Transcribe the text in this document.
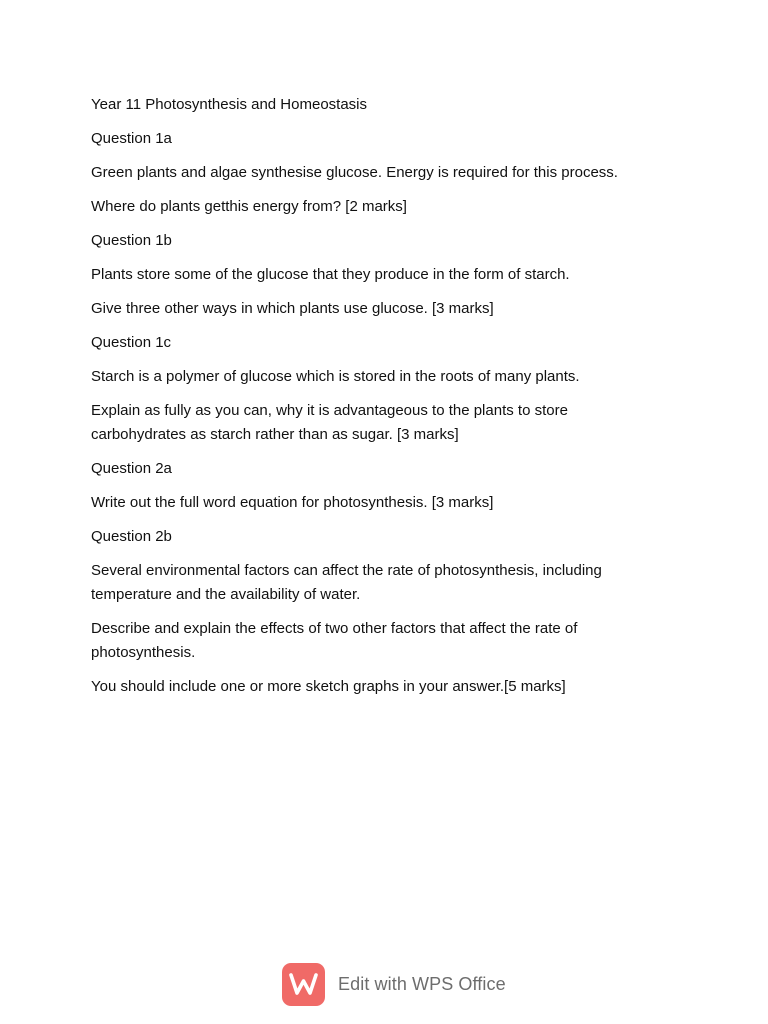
Year 11 Photosynthesis and Homeostasis

Question 1a

Green plants and algae synthesise glucose. Energy is required for this process.

Where do plants getthis energy from? [2 marks]

Question 1b

Plants store some of the glucose that they produce in the form of starch.

Give three other ways in which plants use glucose. [3 marks]

Question 1c

Starch is a polymer of glucose which is stored in the roots of many plants.

Explain as fully as you can, why it is advantageous to the plants to store carbohydrates as starch rather than as sugar. [3 marks]

Question 2a

Write out the full word equation for photosynthesis. [3 marks]

Question 2b

Several environmental factors can affect the rate of photosynthesis, including temperature and the availability of water.

Describe and explain the effects of two other factors that affect the rate of photosynthesis.

You should include one or more sketch graphs in your answer.[5 marks]

Edit with WPS Office
